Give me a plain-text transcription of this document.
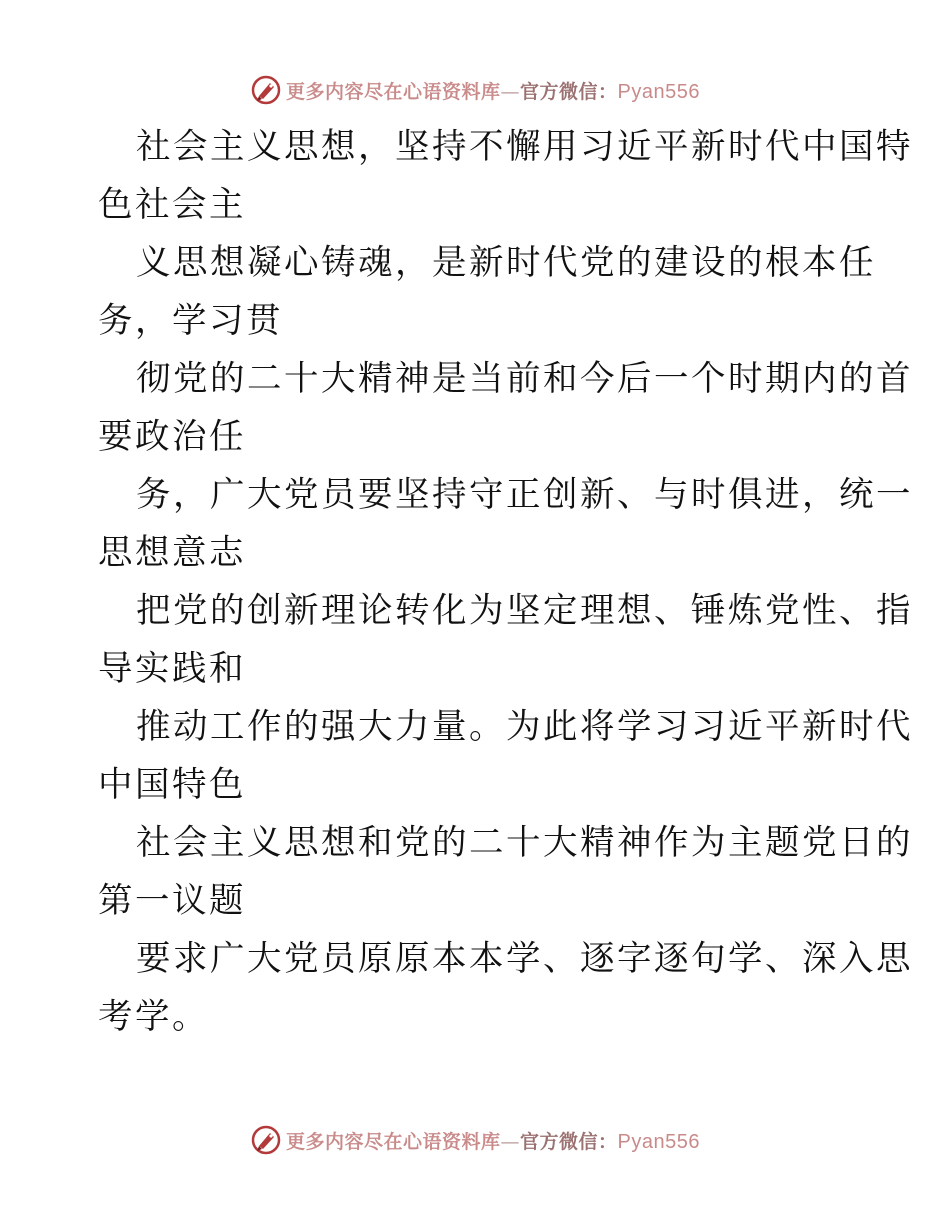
更多内容尽在心语资料库—官方微信：Pyan556
社会主义思想，坚持不懈用习近平新时代中国特
色社会主
义思想凝心铸魂，是新时代党的建设的根本任
务，学习贯
彻党的二十大精神是当前和今后一个时期内的首
要政治任
务，广大党员要坚持守正创新、与时俱进，统一
思想意志
把党的创新理论转化为坚定理想、锤炼党性、指
导实践和
推动工作的强大力量。为此将学习习近平新时代
中国特色
社会主义思想和党的二十大精神作为主题党日的
第一议题
要求广大党员原原本本学、逐字逐句学、深入思
考学。
更多内容尽在心语资料库—官方微信：Pyan556
